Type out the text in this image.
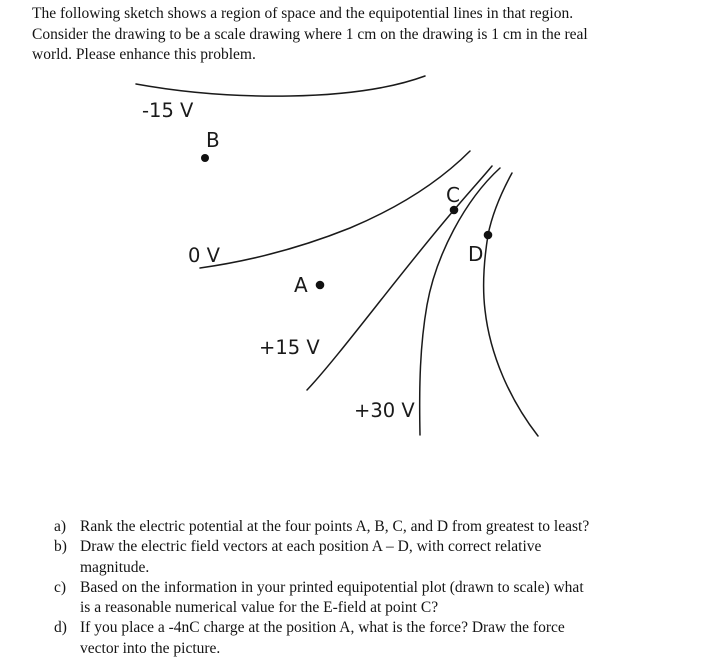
The following sketch shows a region of space and the equipotential lines in that region.

Consider the drawing to be a scale drawing where 1 cm on the drawing is 1 cm in the real

world. Please enhance this problem.

-15 V
0 V
+15 V
+30 V
B
C
D
A
a) Rank the electric potential at the four points A, B, C, and D from greatest to least?
b) Draw the electric field vectors at each position A – D, with correct relative
magnitude.
c) Based on the information in your printed equipotential plot (drawn to scale) what
is a reasonable numerical value for the E-field at point C?
d) If you place a -4nC charge at the position A, what is the force? Draw the force
vector into the picture.
